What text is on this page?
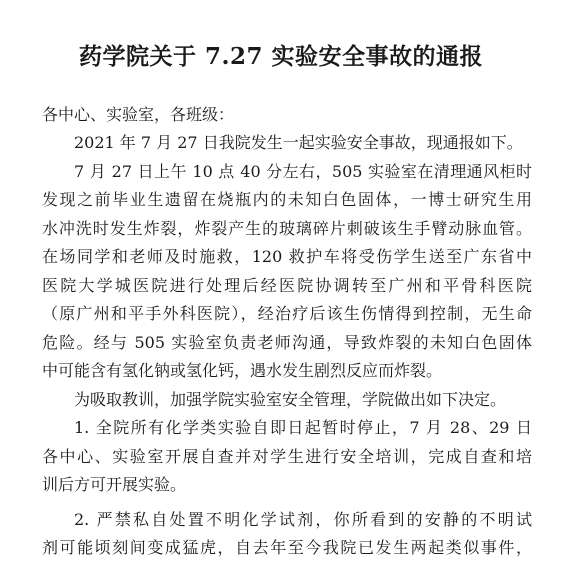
药学院关于 7.27 实验安全事故的通报
各中心、实验室，各班级：
2021 年 7 月 27 日我院发生一起实验安全事故，现通报如下。
7 月 27 日上午 10 点 40 分左右，505 实验室在清理通风柜时
发现之前毕业生遗留在烧瓶内的未知白色固体，一博士研究生用
水冲洗时发生炸裂，炸裂产生的玻璃碎片刺破该生手臂动脉血管。
在场同学和老师及时施救，120 救护车将受伤学生送至广东省中
医院大学城医院进行处理后经医院协调转至广州和平骨科医院
（原广州和平手外科医院），经治疗后该生伤情得到控制，无生命
危险。经与 505 实验室负责老师沟通，导致炸裂的未知白色固体
中可能含有氢化钠或氢化钙，遇水发生剧烈反应而炸裂。
为吸取教训，加强学院实验室安全管理，学院做出如下决定。
1. 全院所有化学类实验自即日起暂时停止，7 月 28、29 日
各中心、实验室开展自查并对学生进行安全培训，完成自查和培
训后方可开展实验。
2. 严禁私自处置不明化学试剂，你所看到的安静的不明试
剂可能顷刻间变成猛虎，自去年至今我院已发生两起类似事件，
